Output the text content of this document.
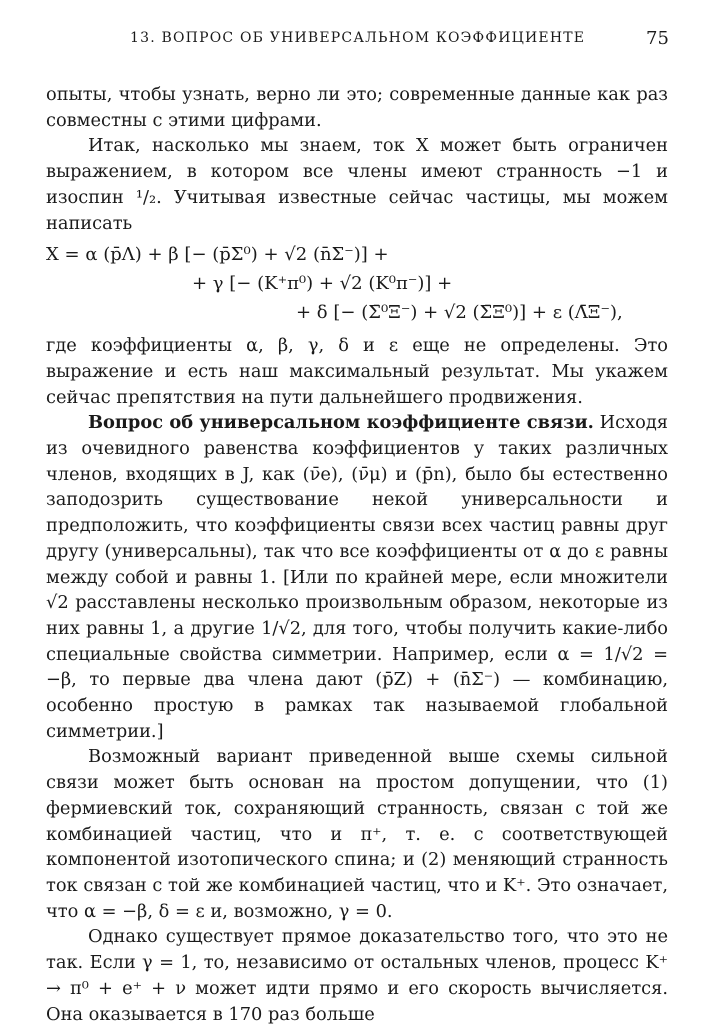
13. ВОПРОС ОБ УНИВЕРСАЛЬНОМ КОЭФФИЦИЕНТЕ	75

опыты, чтобы узнать, верно ли это; современные данные как раз совместны с этими цифрами.

Итак, насколько мы знаем, ток X может быть ограничен выражением, в котором все члены имеют странность −1 и изоспин ¹/₂. Учитывая известные сейчас частицы, мы можем написать

X = α (p̄Λ) + β [− (p̄Σ⁰) + √2 (n̄Σ⁻)] +
+ γ [− (K⁺π⁰) + √2 (K⁰π⁻)] +
+ δ [− (Σ̄⁰Ξ⁻) + √2 (Σ̄Ξ⁰)] + ε (Λ̄Ξ⁻),

где коэффициенты α, β, γ, δ и ε еще не определены. Это выражение и есть наш максимальный результат. Мы укажем сейчас препятствия на пути дальнейшего продвижения.

Вопрос об универсальном коэффициенте связи. Исходя из очевидного равенства коэффициентов у таких различных членов, входящих в J, как (ν̄e), (ν̄μ) и (p̄n), было бы естественно заподозрить существование некой универсальности и предположить, что коэффициенты связи всех частиц равны друг другу (универсальны), так что все коэффициенты от α до ε равны между собой и равны 1. [Или по крайней мере, если множители √2 расставлены несколько произвольным образом, некоторые из них равны 1, а другие 1/√2, для того, чтобы получить какие-либо специальные свойства симметрии. Например, если α = 1/√2 = −β, то первые два члена дают (p̄Z) + (n̄Σ⁻) — комбинацию, особенно простую в рамках так называемой глобальной симметрии.]

Возможный вариант приведенной выше схемы сильной связи может быть основан на простом допущении, что (1) фермиевский ток, сохраняющий странность, связан с той же комбинацией частиц, что и π⁺, т. е. с соответствующей компонентой изотопического спина; и (2) меняющий странность ток связан с той же комбинацией частиц, что и K⁺. Это означает, что α = −β, δ = ε и, возможно, γ = 0.

Однако существует прямое доказательство того, что это не так. Если γ = 1, то, независимо от остальных членов, процесс K⁺ → π⁰ + e⁺ + ν может идти прямо и его скорость вычисляется. Она оказывается в 170 раз больше
